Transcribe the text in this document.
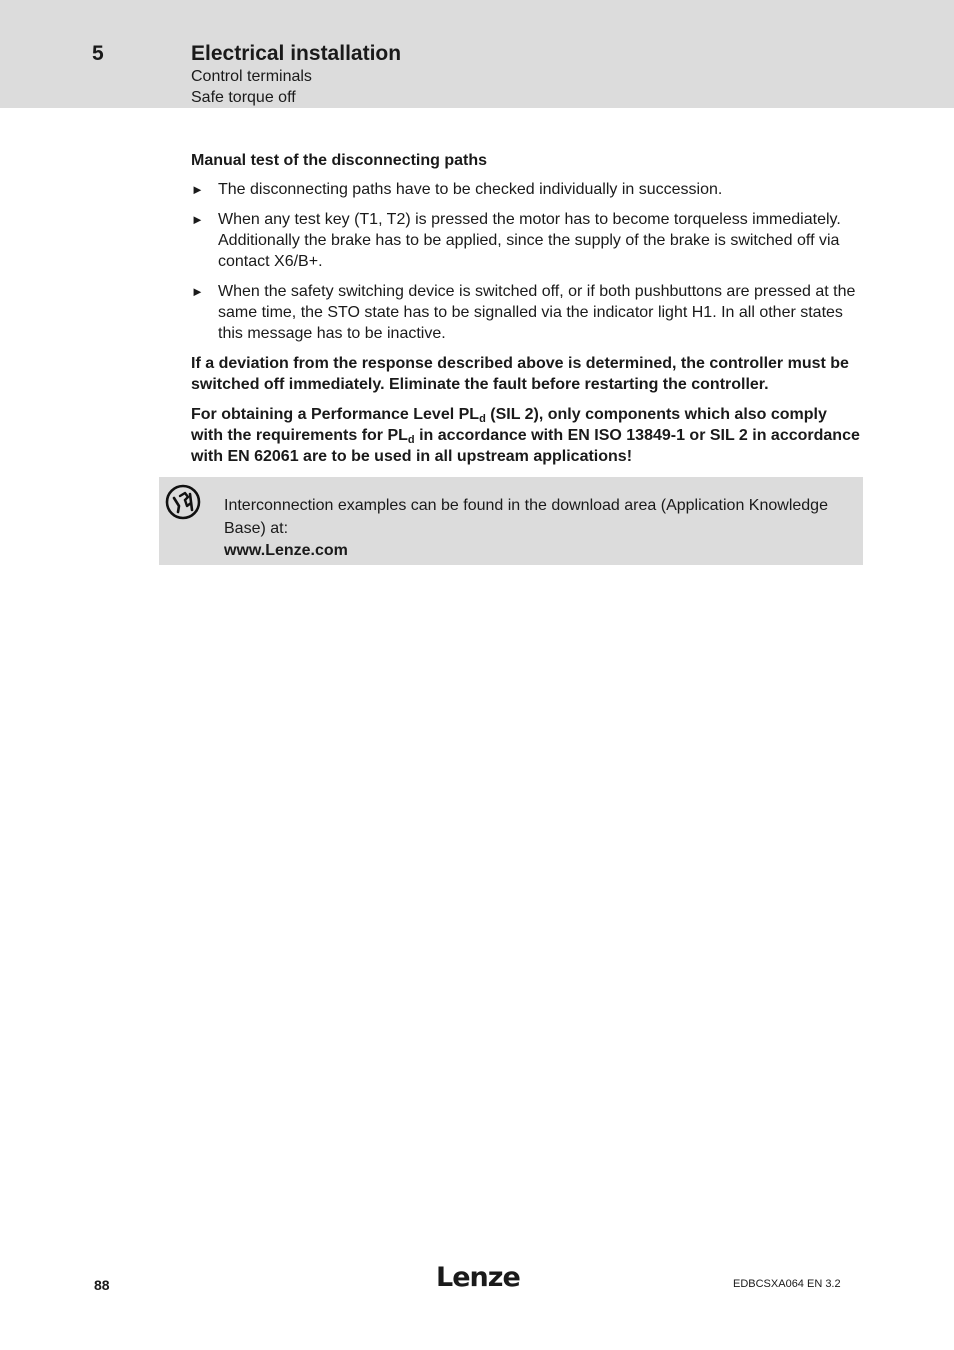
5	Electrical installation
Control terminals
Safe torque off

Manual test of the disconnecting paths

► The disconnecting paths have to be checked individually in succession.
► When any test key (T1, T2) is pressed the motor has to become torqueless immediately. Additionally the brake has to be applied, since the supply of the brake is switched off via contact X6/B+.
► When the safety switching device is switched off, or if both pushbuttons are pressed at the same time, the STO state has to be signalled via the indicator light H1. In all other states this message has to be inactive.

If a deviation from the response described above is determined, the controller must be switched off immediately. Eliminate the fault before restarting the controller.

For obtaining a Performance Level $PL_d$ (SIL 2), only components which also comply with the requirements for $PL_d$ in accordance with EN ISO 13849-1 or SIL 2 in accordance with EN 62061 are to be used in all upstream applications!

Interconnection examples can be found in the download area (Application Knowledge Base) at:
www.Lenze.com
88	Lenze	EDBCSXA064 EN 3.2
